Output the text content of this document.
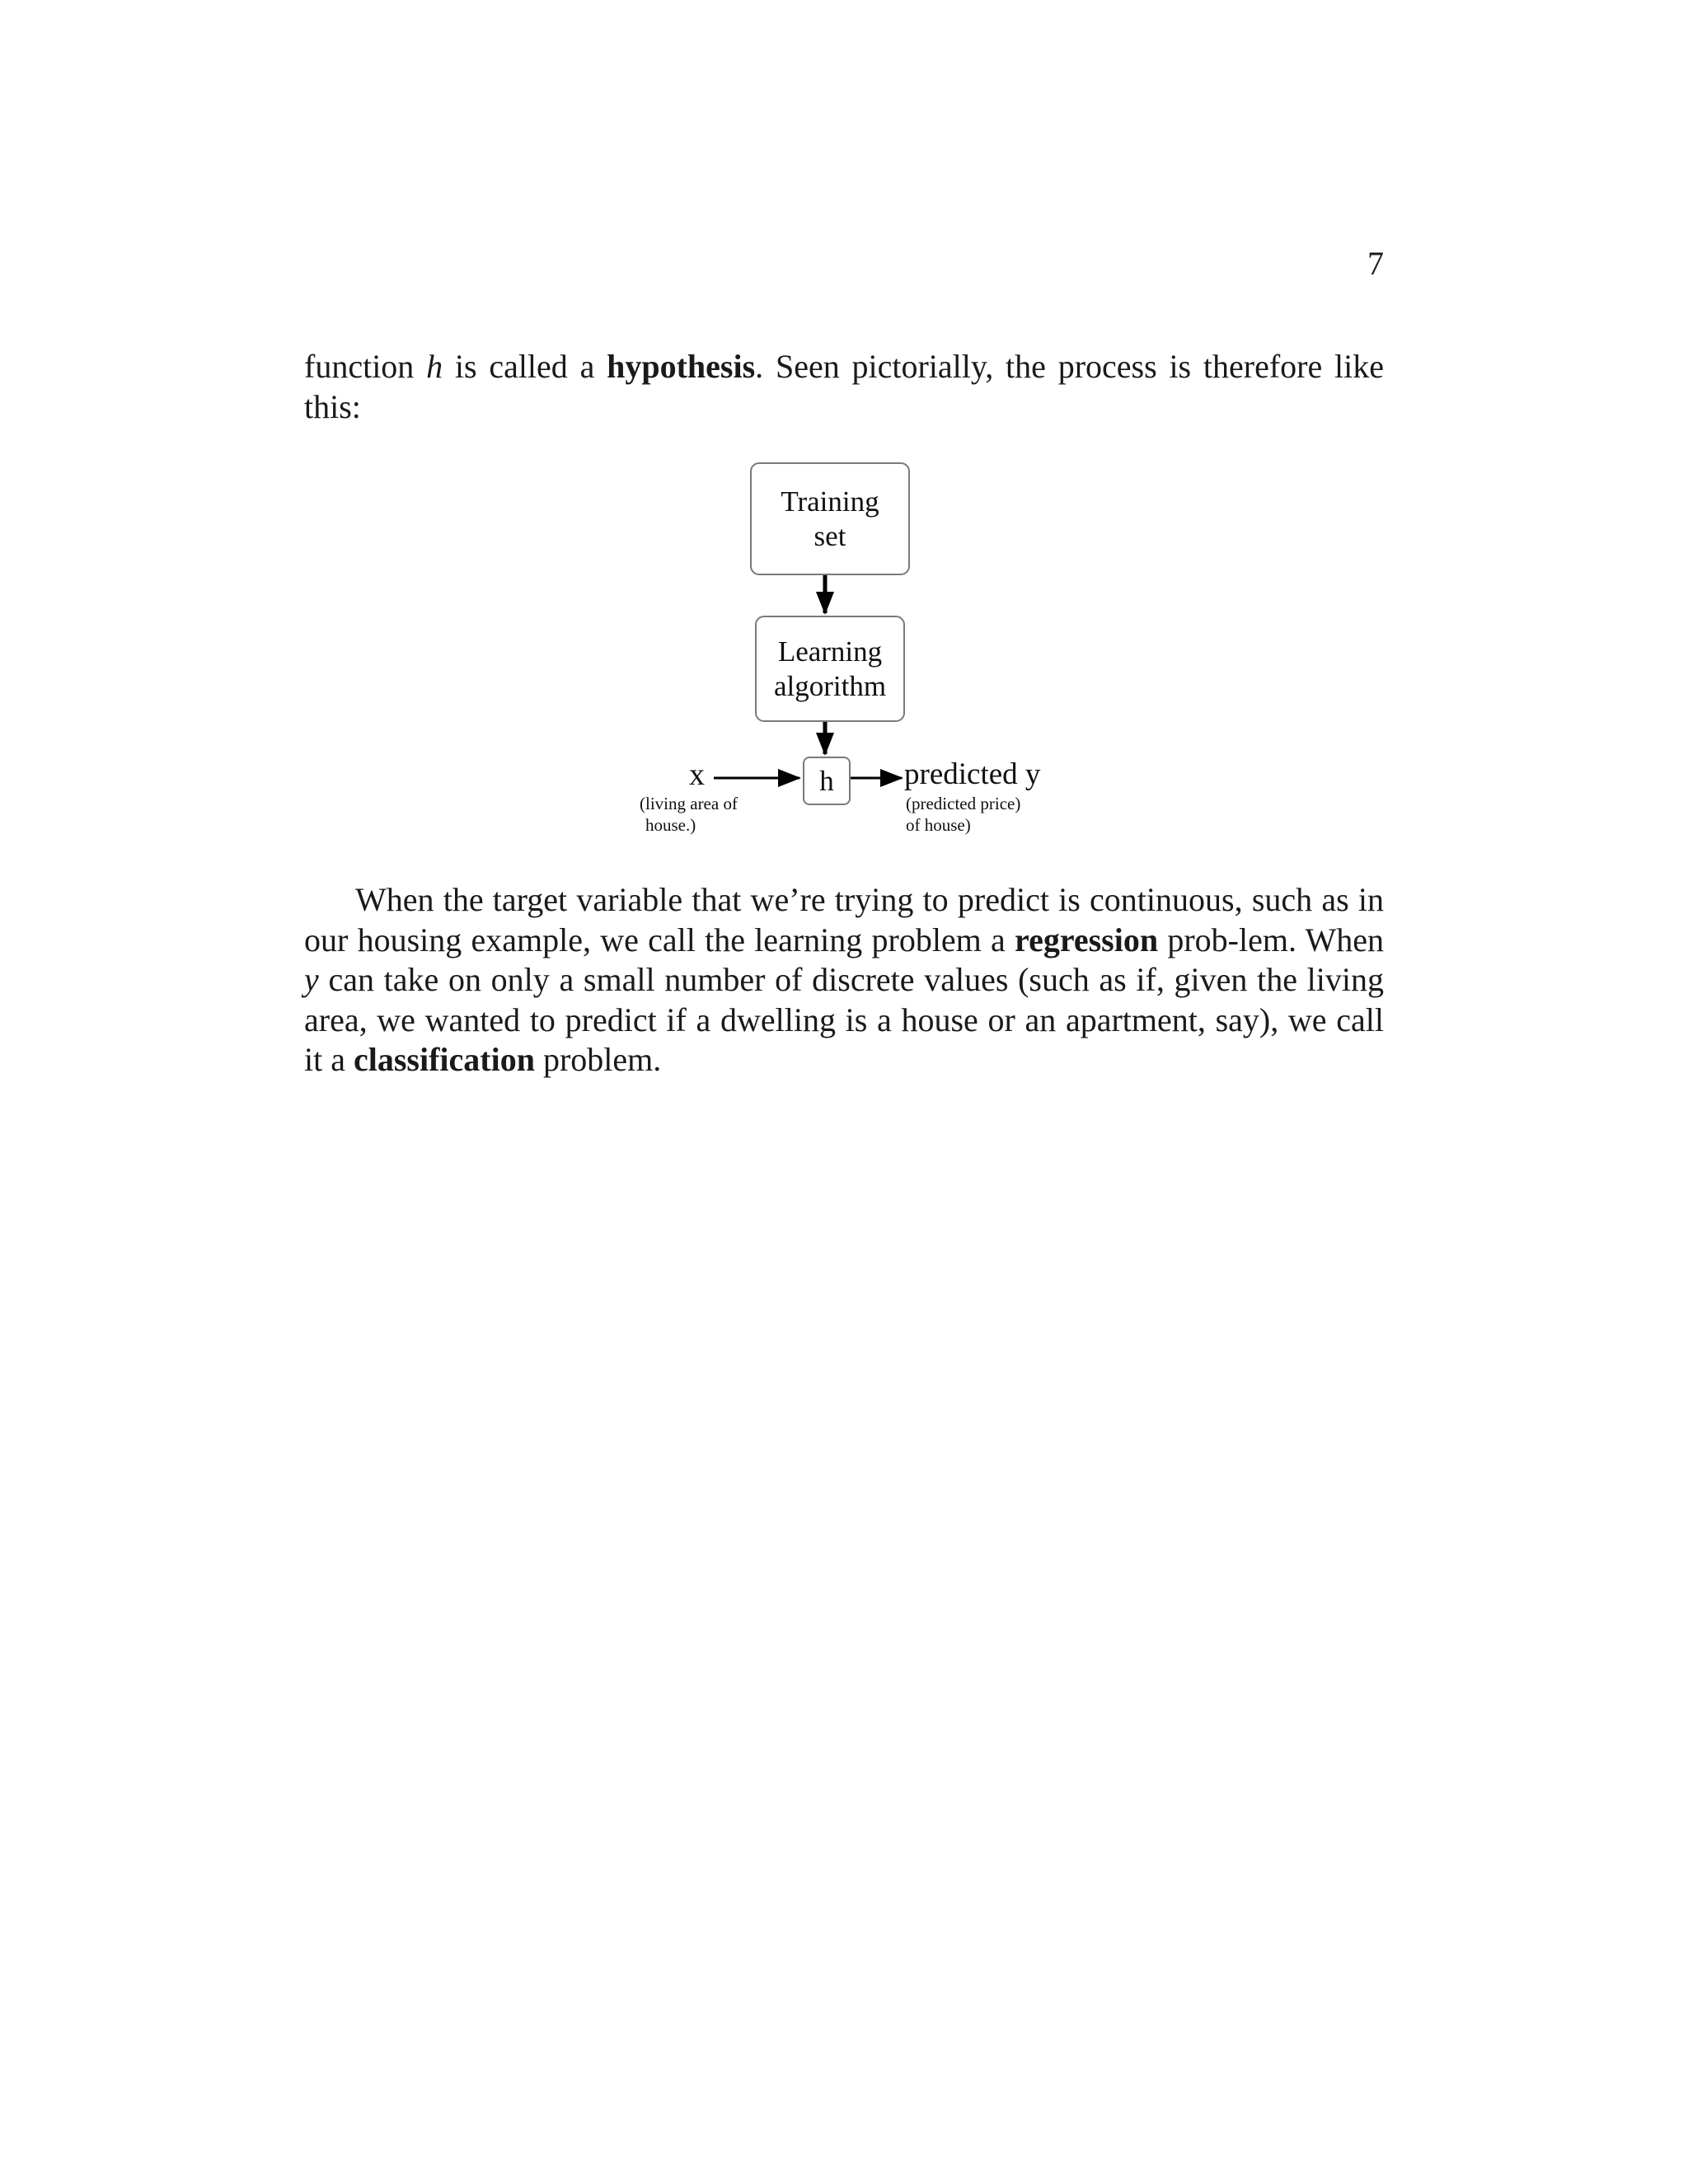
7

function h is called a hypothesis. Seen pictorially, the process is therefore like this:

Training
set
Learning
algorithm
h
x
(living area of
house.)
predicted y
(predicted price)
of house)

When the target variable that we’re trying to predict is continuous, such as in our housing example, we call the learning problem a regression prob-lem. When y can take on only a small number of discrete values (such as if, given the living area, we wanted to predict if a dwelling is a house or an apartment, say), we call it a classification problem.
